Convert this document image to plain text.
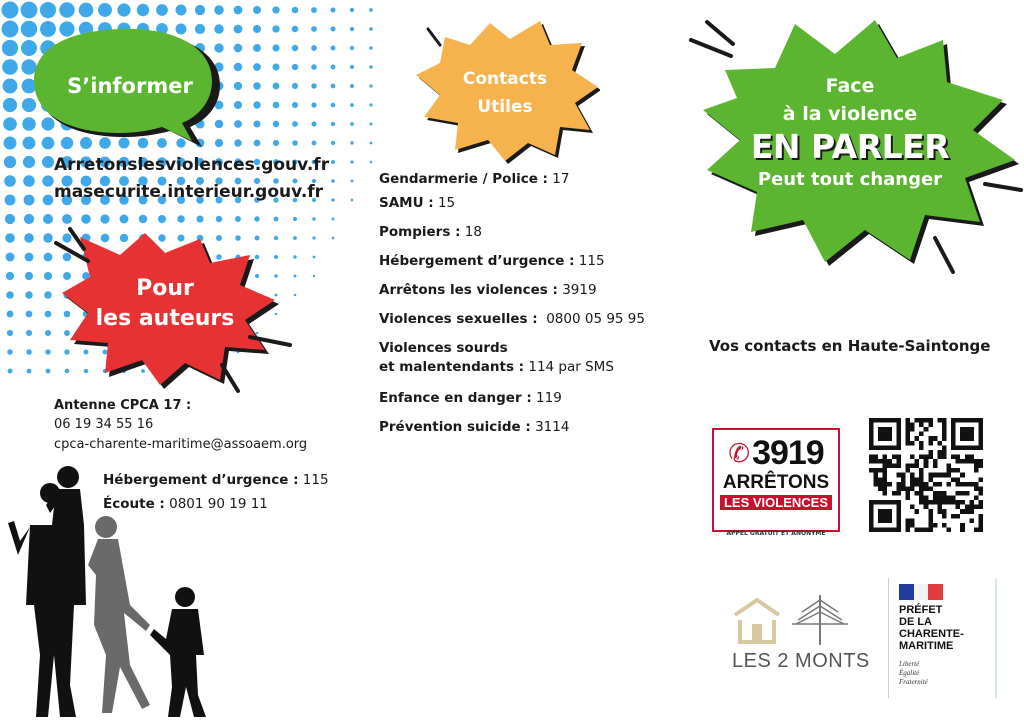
S’informer
Arretonslesviolences.gouv.fr
masecurite.interieur.gouv.fr
Pour
les auteurs
Antenne CPCA 17 :
06 19 34 55 16
cpca-charente-maritime@assoaem.org
Hébergement d’urgence : 115
Écoute : 0801 90 19 11
Contacts
Utiles
Gendarmerie / Police : 17
SAMU : 15
Pompiers : 18
Hébergement d’urgence : 115
Arrêtons les violences : 3919
Violences sexuelles : 0800 05 95 95
Violences sourds
et malentendants : 114 par SMS
Enfance en danger : 119
Prévention suicide : 3114
Face
à la violence
EN PARLER
Peut tout changer
Vos contacts en Haute-Saintonge
✆ 3919
ARRÊTONS
LES VIOLENCES
APPEL GRATUIT ET ANONYME
LES 2 MONTS
PRÉFET
DE LA
CHARENTE-
MARITIME
Liberté
Égalité
Fraternité
